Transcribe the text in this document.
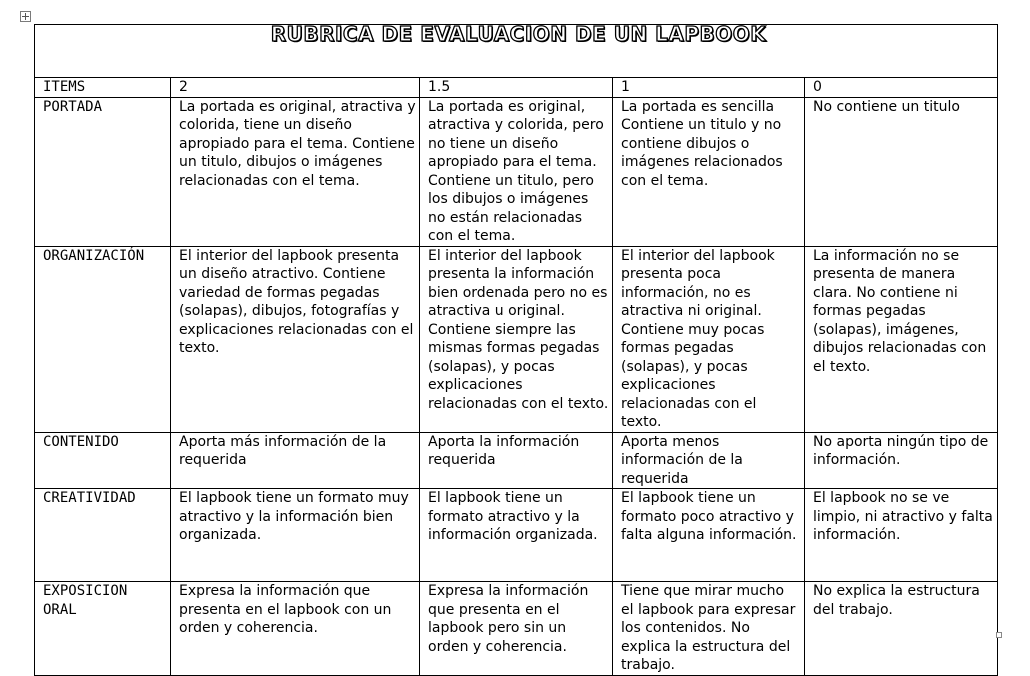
RUBRICA DE EVALUACION DE UN LAPBOOK				
ITEMS	2	1.5	1	0
PORTADA	La portada es original, atractiva y colorida, tiene un diseño apropiado para el tema. Contiene un titulo, dibujos o imágenes relacionadas con el tema.	La portada es original, atractiva y colorida, pero no tiene un diseño apropiado para el tema. Contiene un titulo, pero los dibujos o imágenes no están relacionadas con el tema.	La portada es sencilla Contiene un titulo y no contiene dibujos o imágenes relacionados con el tema.	No contiene un titulo
ORGANIZACIÓN	El interior del lapbook presenta un diseño atractivo. Contiene variedad de formas pegadas (solapas), dibujos, fotografías y explicaciones relacionadas con el texto.	El interior del lapbook presenta la información bien ordenada pero no es atractiva u original. Contiene siempre las mismas formas pegadas (solapas), y pocas explicaciones relacionadas con el texto.	El interior del lapbook presenta poca información, no es atractiva ni original. Contiene muy pocas formas pegadas (solapas), y pocas explicaciones relacionadas con el texto.	La información no se presenta de manera clara. No contiene ni formas pegadas (solapas), imágenes, dibujos relacionadas con el texto.
CONTENIDO	Aporta más información de la requerida	Aporta la información requerida	Aporta menos información de la requerida	No aporta ningún tipo de información.
CREATIVIDAD	El lapbook tiene un formato muy atractivo y la información bien organizada.	El lapbook tiene un formato atractivo y la información organizada.	El lapbook tiene un formato poco atractivo y falta alguna información.	El lapbook no se ve limpio, ni atractivo y falta información.
EXPOSICION ORAL	Expresa la información que presenta en el lapbook con un orden y coherencia.	Expresa la información que presenta en el lapbook pero sin un orden y coherencia.	Tiene que mirar mucho el lapbook para expresar los contenidos. No explica la estructura del trabajo.	No explica la estructura del trabajo.
